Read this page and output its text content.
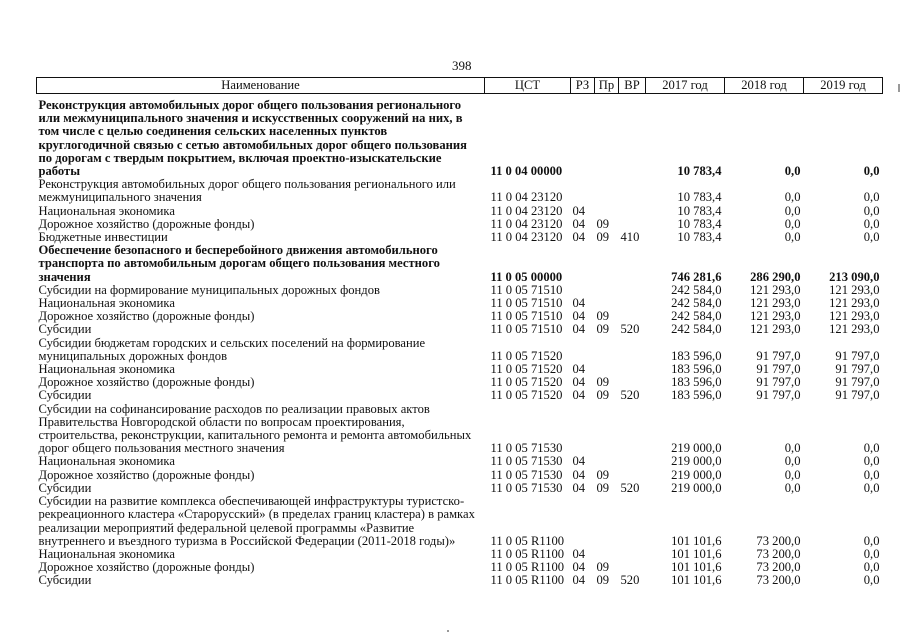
398
Наименование	ЦСТ	РЗ	Пр	ВР	2017 год	2018 год	2019 год
Реконструкция автомобильных дорог общего пользования регионального или межмуниципального значения и искусственных сооружений на них, в том числе с целью соединения сельских населенных пунктов круглогодичной связью с сетью автомобильных дорог общего пользования по дорогам с твердым покрытием, включая проектно-изыскательские работы	11 0 04 00000				10 783,4	0,0	0,0
Реконструкция автомобильных дорог общего пользования регионального или межмуниципального значения	11 0 04 23120				10 783,4	0,0	0,0
Национальная экономика	11 0 04 23120	04			10 783,4	0,0	0,0
Дорожное хозяйство (дорожные фонды)	11 0 04 23120	04	09		10 783,4	0,0	0,0
Бюджетные инвестиции	11 0 04 23120	04	09	410	10 783,4	0,0	0,0
Обеспечение безопасного и бесперебойного движения автомобильного транспорта по автомобильным дорогам общего пользования местного значения	11 0 05 00000				746 281,6	286 290,0	213 090,0
Субсидии на формирование муниципальных дорожных фондов	11 0 05 71510				242 584,0	121 293,0	121 293,0
Национальная экономика	11 0 05 71510	04			242 584,0	121 293,0	121 293,0
Дорожное хозяйство (дорожные фонды)	11 0 05 71510	04	09		242 584,0	121 293,0	121 293,0
Субсидии	11 0 05 71510	04	09	520	242 584,0	121 293,0	121 293,0
Субсидии бюджетам городских и сельских поселений на формирование муниципальных дорожных фондов	11 0 05 71520				183 596,0	91 797,0	91 797,0
Национальная экономика	11 0 05 71520	04			183 596,0	91 797,0	91 797,0
Дорожное хозяйство (дорожные фонды)	11 0 05 71520	04	09		183 596,0	91 797,0	91 797,0
Субсидии	11 0 05 71520	04	09	520	183 596,0	91 797,0	91 797,0
Субсидии на софинансирование расходов по реализации правовых актов Правительства Новгородской области по вопросам проектирования, строительства, реконструкции, капитального ремонта и ремонта автомобильных дорог общего пользования местного значения	11 0 05 71530				219 000,0	0,0	0,0
Национальная экономика	11 0 05 71530	04			219 000,0	0,0	0,0
Дорожное хозяйство (дорожные фонды)	11 0 05 71530	04	09		219 000,0	0,0	0,0
Субсидии	11 0 05 71530	04	09	520	219 000,0	0,0	0,0
Субсидии на развитие комплекса обеспечивающей инфраструктуры туристско-рекреационного кластера «Старорусский» (в пределах границ кластера) в рамках реализации мероприятий федеральной целевой программы «Развитие внутреннего и въездного туризма в Российской Федерации (2011-2018 годы)»	11 0 05 R1100				101 101,6	73 200,0	0,0
Национальная экономика	11 0 05 R1100	04			101 101,6	73 200,0	0,0
Дорожное хозяйство (дорожные фонды)	11 0 05 R1100	04	09		101 101,6	73 200,0	0,0
Субсидии	11 0 05 R1100	04	09	520	101 101,6	73 200,0	0,0
